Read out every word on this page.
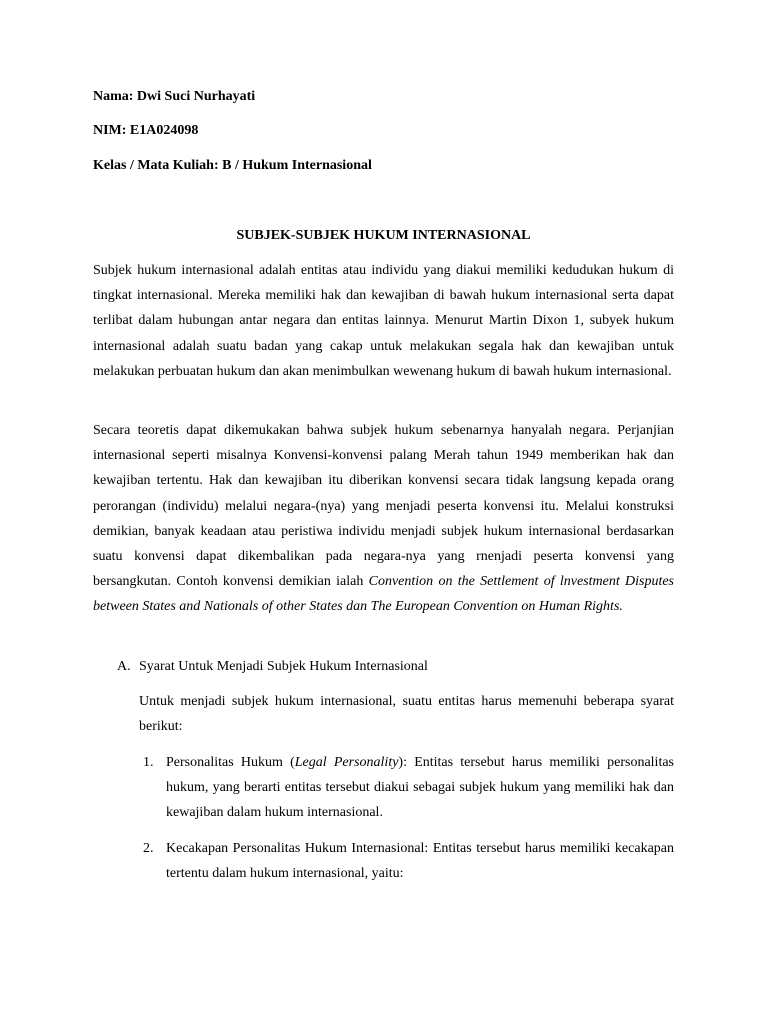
Nama: Dwi Suci Nurhayati
NIM: E1A024098
Kelas / Mata Kuliah: B / Hukum Internasional
SUBJEK-SUBJEK HUKUM INTERNASIONAL

Subjek hukum internasional adalah entitas atau individu yang diakui memiliki kedudukan hukum di tingkat internasional. Mereka memiliki hak dan kewajiban di bawah hukum internasional serta dapat terlibat dalam hubungan antar negara dan entitas lainnya. Menurut Martin Dixon 1, subyek hukum internasional adalah suatu badan yang cakap untuk melakukan segala hak dan kewajiban untuk melakukan perbuatan hukum dan akan menimbulkan wewenang hukum di bawah hukum internasional.

Secara teoretis dapat dikemukakan bahwa subjek hukum sebenarnya hanyalah negara. Perjanjian internasional seperti misalnya Konvensi-konvensi palang Merah tahun 1949 memberikan hak dan kewajiban tertentu. Hak dan kewajiban itu diberikan konvensi secara tidak langsung kepada orang perorangan (individu) melalui negara-(nya) yang menjadi peserta konvensi itu. Melalui konstruksi demikian, banyak keadaan atau peristiwa individu menjadi subjek hukum internasional berdasarkan suatu konvensi dapat dikembalikan pada negara-nya yang rnenjadi peserta konvensi yang bersangkutan. Contoh konvensi demikian ialah Convention on the Settlement of lnvestment Disputes between States and Nationals of other States dan The European Convention on Human Rights.

A. Syarat Untuk Menjadi Subjek Hukum Internasional

Untuk menjadi subjek hukum internasional, suatu entitas harus memenuhi beberapa syarat berikut:

1. Personalitas Hukum (Legal Personality): Entitas tersebut harus memiliki personalitas hukum, yang berarti entitas tersebut diakui sebagai subjek hukum yang memiliki hak dan kewajiban dalam hukum internasional.
2. Kecakapan Personalitas Hukum Internasional: Entitas tersebut harus memiliki kecakapan tertentu dalam hukum internasional, yaitu:
